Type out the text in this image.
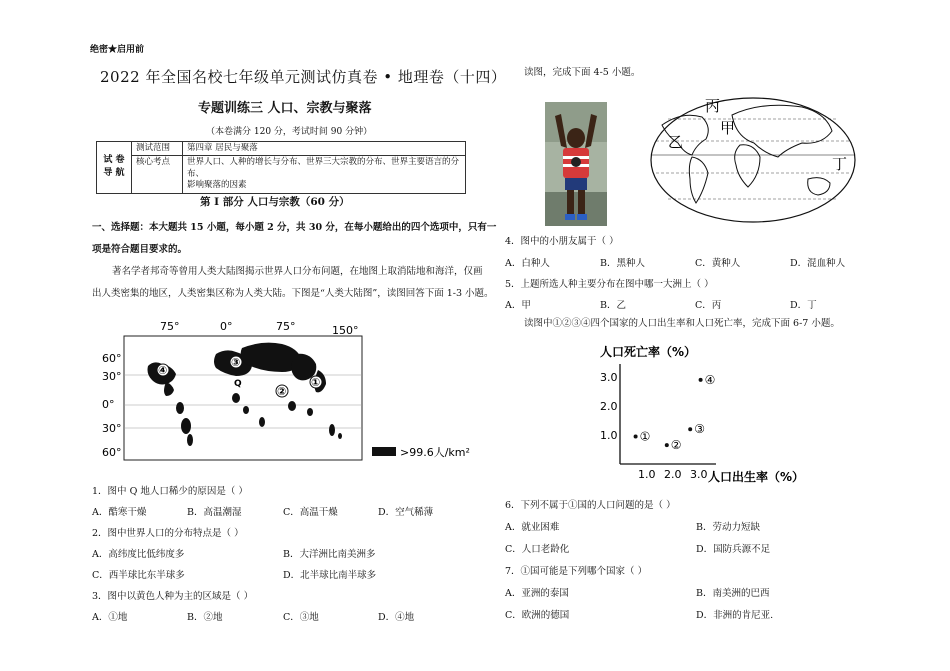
绝密★启用前
2022 年全国名校七年级单元测试仿真卷 • 地理卷（十四）
专题训练三 人口、宗教与聚落
（本卷满分 120 分，考试时间 90 分钟）
试 卷
导 航	测试范围	第四章 居民与聚落
	核心考点	世界人口、人种的增长与分布、世界三大宗教的分布、世界主要语言的分布、
影响聚落的因素
第 I 部分 人口与宗教（60 分）
一、选择题：本大题共 15 小题，每小题 2 分，共 30 分，在每小题给出的四个选项中，只有一
项是符合题目要求的。
著名学者邦奇等曾用人类大陆图揭示世界人口分布问题，在地图上取消陆地和海洋，仅画
出人类密集的地区，人类密集区称为人类大陆。下图是“人类大陆图”，读图回答下面 1-3 小题。
75°	0°	75°	150°
60°
30°
0°
30°
60°
④
③
Q
②
①
>99.6人/km²
1．图中 Q 地人口稀少的原因是（ ）
A．酷寒干燥	B．高温潮湿	C．高温干燥	D．空气稀薄
2．图中世界人口的分布特点是（ ）
A．高纬度比低纬度多	B．大洋洲比南美洲多
C．西半球比东半球多	D．北半球比南半球多
3．图中以黄色人种为主的区域是（ ）
A．①地	B．②地	C．③地	D．④地
读图，完成下面 4-5 小题。
丙
甲
乙
丁
4．图中的小朋友属于（ ）
A．白种人	B．黑种人	C．黄种人	D．混血种人
5．上题所选人种主要分布在图中哪一大洲上（ ）
A．甲	B．乙	C．丙	D．丁
读图中①②③④四个国家的人口出生率和人口死亡率，完成下面 6-7 小题。
人口死亡率（%）
人口出生率（%）
1.0 2.0 3.0
1.0
2.0
3.0
①
②
③
④
6．下列不属于①国的人口问题的是（ ）
A．就业困难	B．劳动力短缺
C．人口老龄化	D．国防兵源不足
7．①国可能是下列哪个国家（ ）
A．亚洲的泰国	B．南美洲的巴西
C．欧洲的德国	D．非洲的肯尼亚.
